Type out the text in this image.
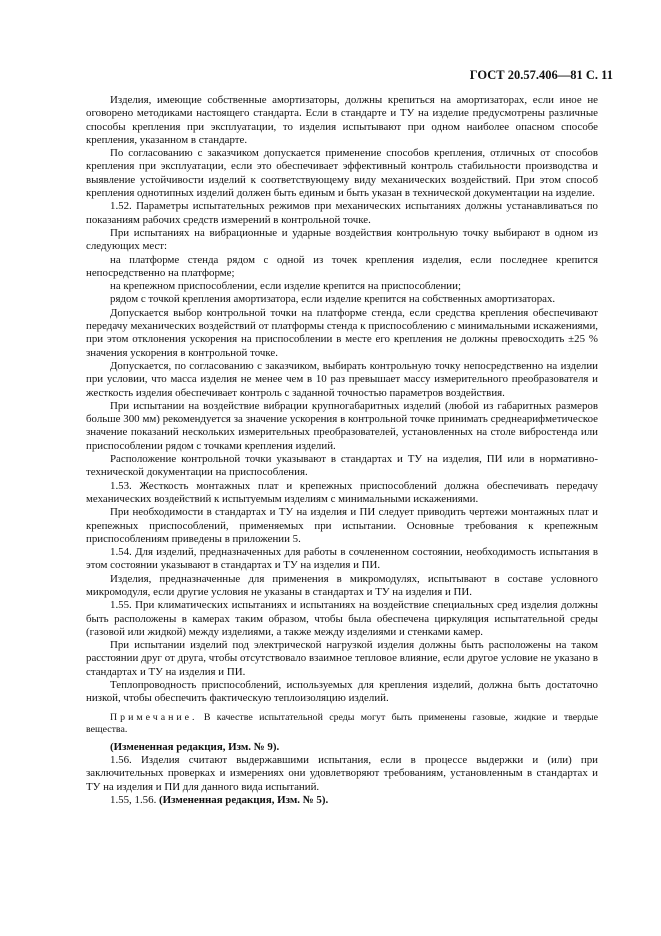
ГОСТ 20.57.406—81 С. 11

Изделия, имеющие собственные амортизаторы, должны крепиться на амортизаторах, если иное не оговорено методиками настоящего стандарта. Если в стандарте и ТУ на изделие предусмотрены различные способы крепления при эксплуатации, то изделия испытывают при одном наиболее опасном способе крепления, указанном в стандарте.

По согласованию с заказчиком допускается применение способов крепления, отличных от способов крепления при эксплуатации, если это обеспечивает эффективный контроль стабильности производства и выявление устойчивости изделий к соответствующему виду механических воздействий. При этом способ крепления однотипных изделий должен быть единым и быть указан в технической документации на изделие.

1.52. Параметры испытательных режимов при механических испытаниях должны устанавливаться по показаниям рабочих средств измерений в контрольной точке.

При испытаниях на вибрационные и ударные воздействия контрольную точку выбирают в одном из следующих мест:

на платформе стенда рядом с одной из точек крепления изделия, если последнее крепится непосредственно на платформе;

на крепежном приспособлении, если изделие крепится на приспособлении;

рядом с точкой крепления амортизатора, если изделие крепится на собственных амортизаторах.

Допускается выбор контрольной точки на платформе стенда, если средства крепления обеспечивают передачу механических воздействий от платформы стенда к приспособлению с минимальными искажениями, при этом отклонения ускорения на приспособлении в месте его крепления не должны превосходить ±25 % значения ускорения в контрольной точке.

Допускается, по согласованию с заказчиком, выбирать контрольную точку непосредственно на изделии при условии, что масса изделия не менее чем в 10 раз превышает массу измерительного преобразователя и жесткость изделия обеспечивает контроль с заданной точностью параметров воздействия.

При испытании на воздействие вибрации крупногабаритных изделий (любой из габаритных размеров больше 300 мм) рекомендуется за значение ускорения в контрольной точке принимать среднеарифметическое значение показаний нескольких измерительных преобразователей, установленных на столе вибростенда или приспособлении рядом с точками крепления изделий.

Расположение контрольной точки указывают в стандартах и ТУ на изделия, ПИ или в нормативно-технической документации на приспособления.

1.53. Жесткость монтажных плат и крепежных приспособлений должна обеспечивать передачу механических воздействий к испытуемым изделиям с минимальными искажениями.

При необходимости в стандартах и ТУ на изделия и ПИ следует приводить чертежи монтажных плат и крепежных приспособлений, применяемых при испытании. Основные требования к крепежным приспособлениям приведены в приложении 5.

1.54. Для изделий, предназначенных для работы в сочлененном состоянии, необходимость испытания в этом состоянии указывают в стандартах и ТУ на изделия и ПИ.

Изделия, предназначенные для применения в микромодулях, испытывают в составе условного микромодуля, если другие условия не указаны в стандартах и ТУ на изделия и ПИ.

1.55. При климатических испытаниях и испытаниях на воздействие специальных сред изделия должны быть расположены в камерах таким образом, чтобы была обеспечена циркуляция испытательной среды (газовой или жидкой) между изделиями, а также между изделиями и стенками камер.

При испытании изделий под электрической нагрузкой изделия должны быть расположены на таком расстоянии друг от друга, чтобы отсутствовало взаимное тепловое влияние, если другое условие не указано в стандартах и ТУ на изделия и ПИ.

Теплопроводность приспособлений, используемых для крепления изделий, должна быть достаточно низкой, чтобы обеспечить фактическую теплоизоляцию изделий.

Примечание. В качестве испытательной среды могут быть применены газовые, жидкие и твердые вещества.

(Измененная редакция, Изм. № 9).

1.56. Изделия считают выдержавшими испытания, если в процессе выдержки и (или) при заключительных проверках и измерениях они удовлетворяют требованиям, установленным в стандартах и ТУ на изделия и ПИ для данного вида испытаний.

1.55, 1.56. (Измененная редакция, Изм. № 5).
